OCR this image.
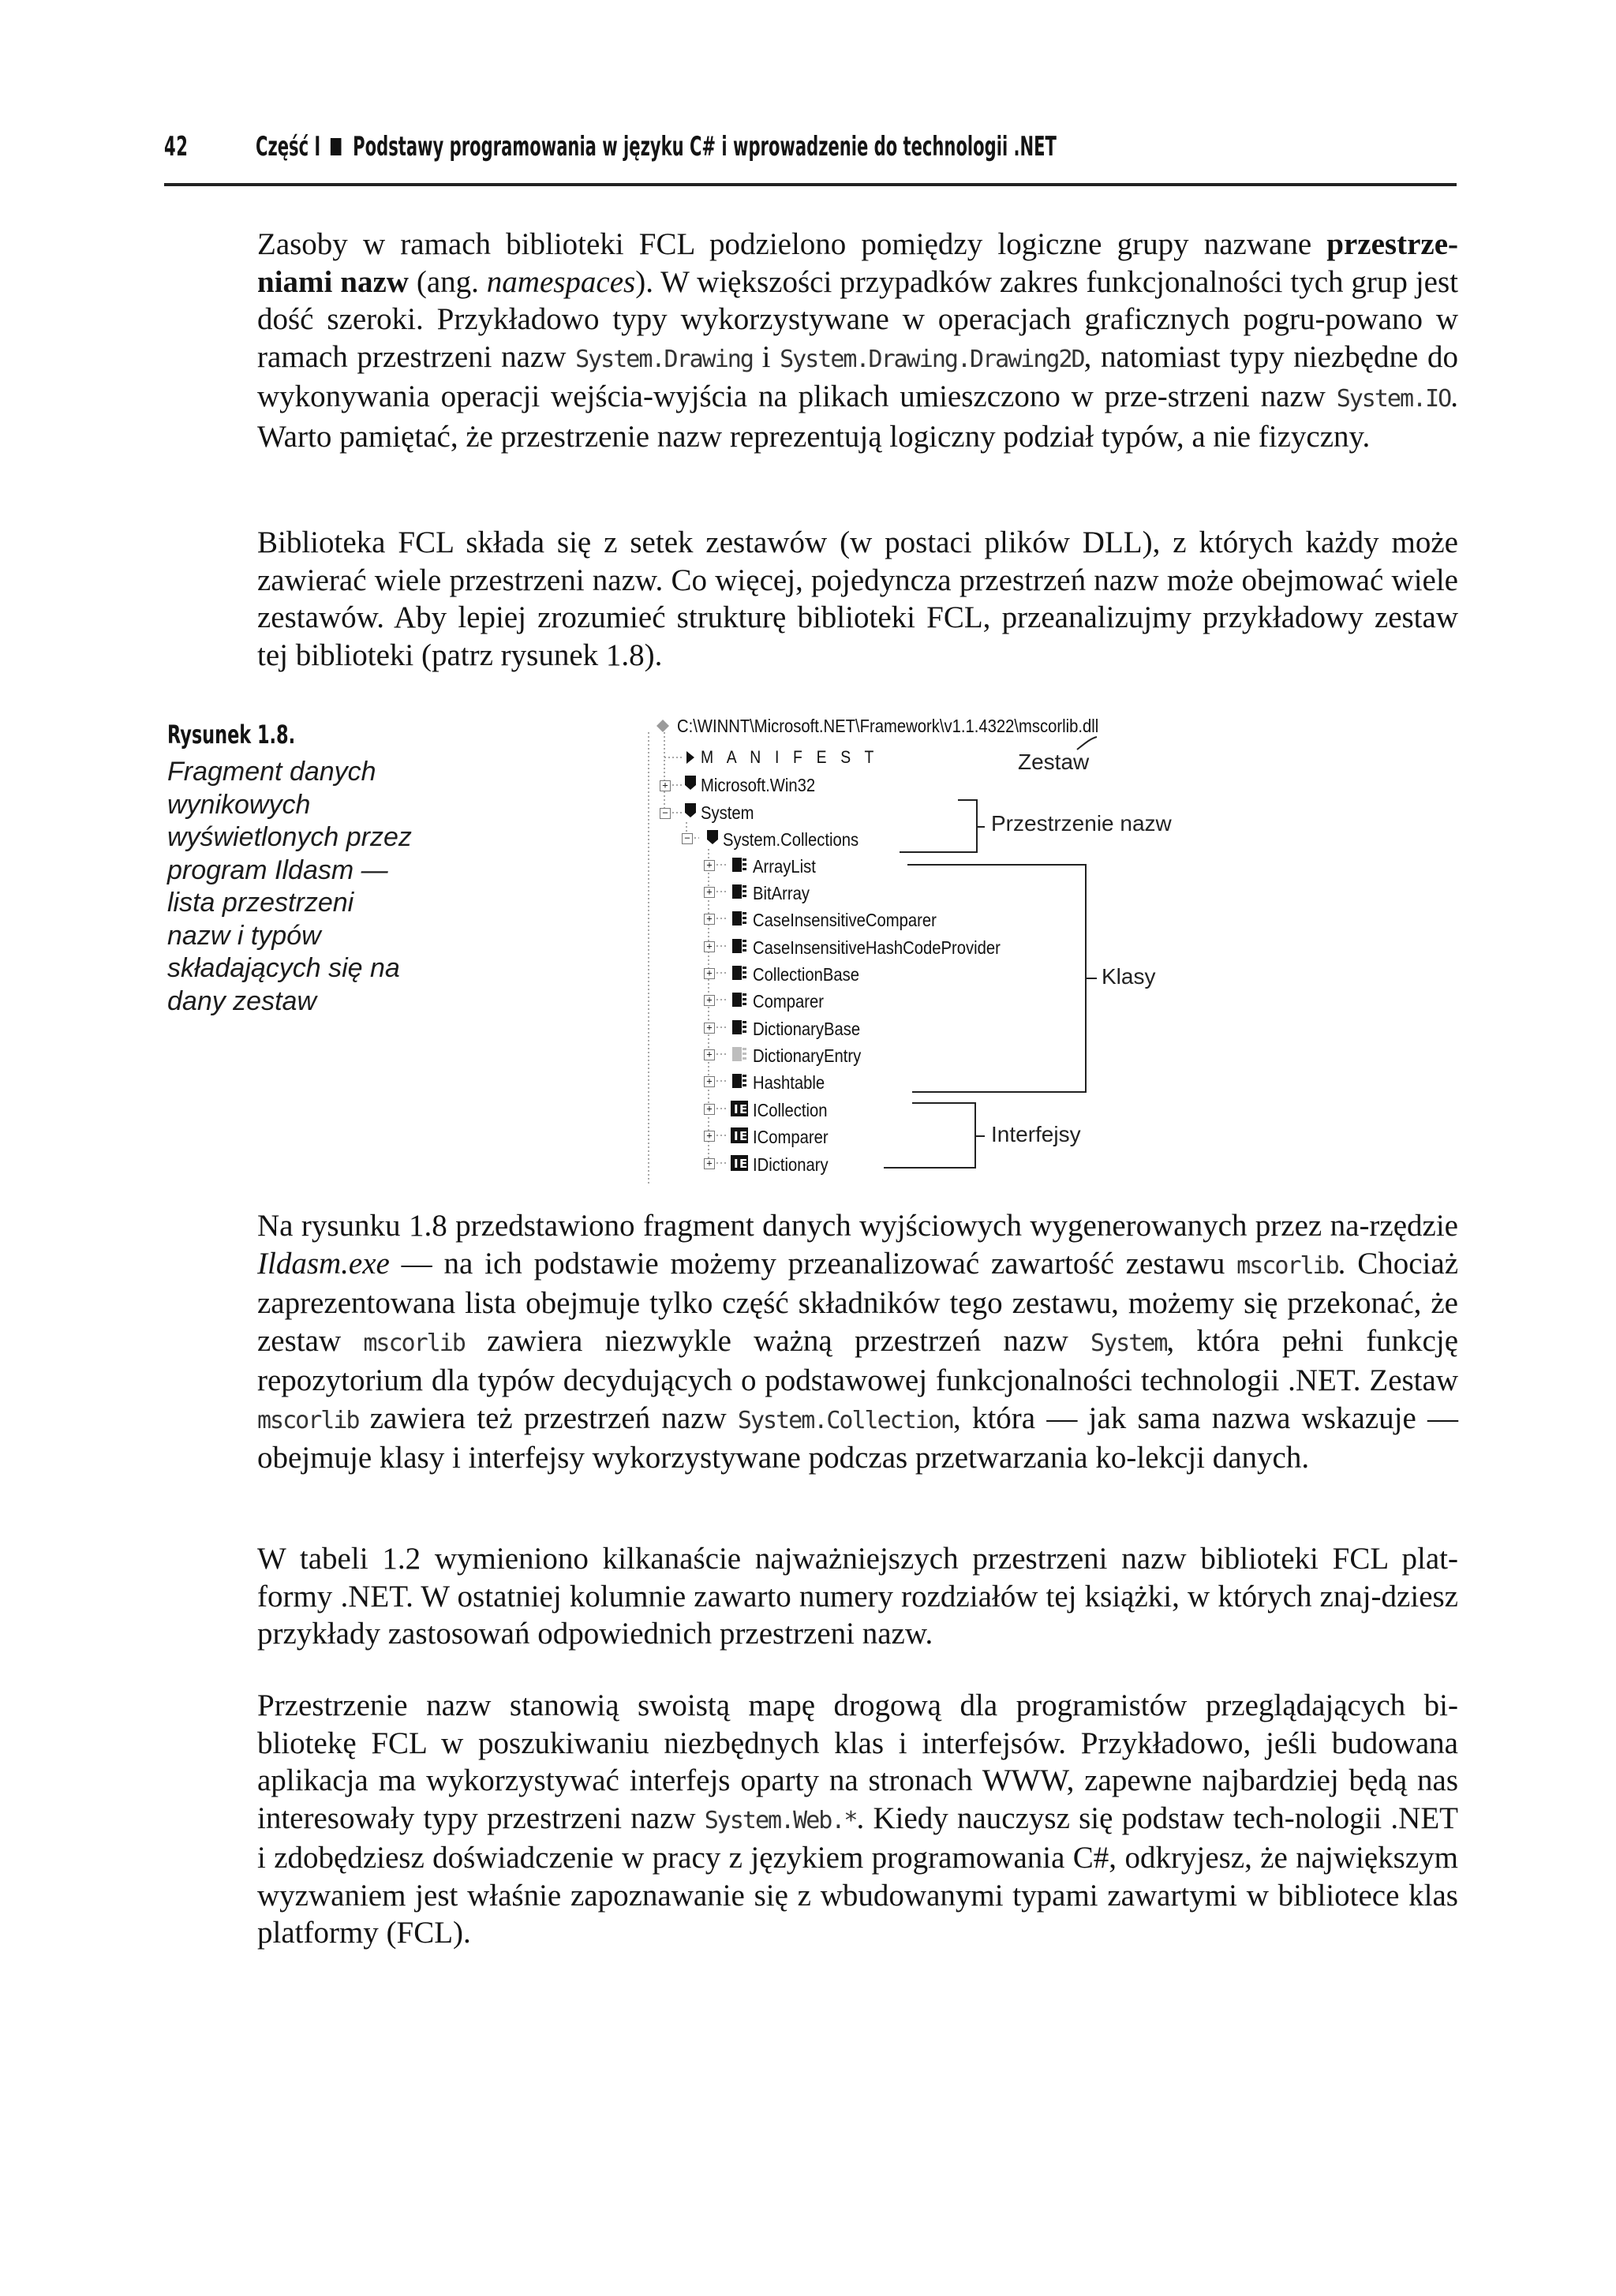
42	Część I Podstawy programowania w języku C# i wprowadzenie do technologii .NET
Zasoby w ramach biblioteki FCL podzielono pomiędzy logiczne grupy nazwane przestrze-niami nazw (ang. namespaces). W większości przypadków zakres funkcjonalności tych grup jest dość szeroki. Przykładowo typy wykorzystywane w operacjach graficznych pogru-powano w ramach przestrzeni nazw System.Drawing i System.Drawing.Drawing2D, natomiast typy niezbędne do wykonywania operacji wejścia-wyjścia na plikach umieszczono w prze-strzeni nazw System.IO. Warto pamiętać, że przestrzenie nazw reprezentują logiczny podział typów, a nie fizyczny.
Biblioteka FCL składa się z setek zestawów (w postaci plików DLL), z których każdy może zawierać wiele przestrzeni nazw. Co więcej, pojedyncza przestrzeń nazw może obejmować wiele zestawów. Aby lepiej zrozumieć strukturę biblioteki FCL, przeanalizujmy przykładowy zestaw tej biblioteki (patrz rysunek 1.8).
Rysunek 1.8.
Fragment danych wynikowych wyświetlonych przez program Ildasm — lista przestrzeni nazw i typów składających się na dany zestaw
I E
I E
I E
+
−
−
+
+
+
+
+
+
+
+
+
+
+
+
C:\WINNT\Microsoft.NET\Framework\v1.1.4322\mscorlib.dll
M A N I F E S T
Microsoft.Win32
System
System.Collections
ArrayList
BitArray
CaseInsensitiveComparer
CaseInsensitiveHashCodeProvider
CollectionBase
Comparer
DictionaryBase
DictionaryEntry
Hashtable
ICollection
IComparer
IDictionary
Zestaw
Przestrzenie nazw
Klasy
Interfejsy
Na rysunku 1.8 przedstawiono fragment danych wyjściowych wygenerowanych przez na-rzędzie Ildasm.exe — na ich podstawie możemy przeanalizować zawartość zestawu mscorlib. Chociaż zaprezentowana lista obejmuje tylko część składników tego zestawu, możemy się przekonać, że zestaw mscorlib zawiera niezwykle ważną przestrzeń nazw System, która pełni funkcję repozytorium dla typów decydujących o podstawowej funkcjonalności technologii .NET. Zestaw mscorlib zawiera też przestrzeń nazw System.Collection, która — jak sama nazwa wskazuje — obejmuje klasy i interfejsy wykorzystywane podczas przetwarzania ko-lekcji danych.
W tabeli 1.2 wymieniono kilkanaście najważniejszych przestrzeni nazw biblioteki FCL plat-formy .NET. W ostatniej kolumnie zawarto numery rozdziałów tej książki, w których znaj-dziesz przykłady zastosowań odpowiednich przestrzeni nazw.
Przestrzenie nazw stanowią swoistą mapę drogową dla programistów przeglądających bi-bliotekę FCL w poszukiwaniu niezbędnych klas i interfejsów. Przykładowo, jeśli budowana aplikacja ma wykorzystywać interfejs oparty na stronach WWW, zapewne najbardziej będą nas interesowały typy przestrzeni nazw System.Web.*. Kiedy nauczysz się podstaw tech-nologii .NET i zdobędziesz doświadczenie w pracy z językiem programowania C#, odkryjesz, że największym wyzwaniem jest właśnie zapoznawanie się z wbudowanymi typami zawartymi w bibliotece klas platformy (FCL).
